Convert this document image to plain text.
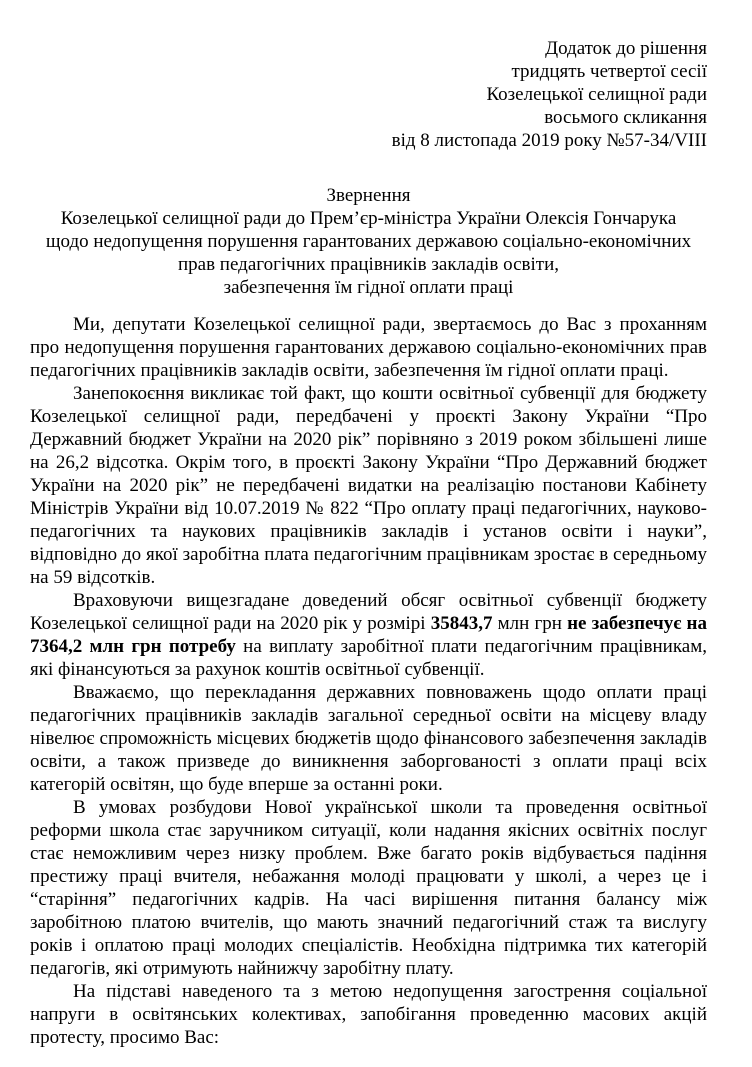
Додаток до рішення
тридцять четвертої сесії
Козелецької селищної ради
восьмого скликання
від 8 листопада 2019 року №57-34/VIII
Звернення
Козелецької селищної ради до Прем’єр-міністра України Олексія Гончарука
щодо недопущення порушення гарантованих державою соціально-економічних
прав педагогічних працівників закладів освіти,
забезпечення їм гідної оплати праці

Ми, депутати Козелецької селищної ради, звертаємось до Вас з проханням про недопущення порушення гарантованих державою соціально-економічних прав педагогічних працівників закладів освіти, забезпечення їм гідної оплати праці.

Занепокоєння викликає той факт, що кошти освітньої субвенції для бюджету Козелецької селищної ради, передбачені у проєкті Закону України “Про Державний бюджет України на 2020 рік” порівняно з 2019 роком збільшені лише на 26,2 відсотка. Окрім того, в проєкті Закону України “Про Державний бюджет України на 2020 рік” не передбачені видатки на реалізацію постанови Кабінету Міністрів України від 10.07.2019 № 822 “Про оплату праці педагогічних, науково-педагогічних та наукових працівників закладів і установ освіти і науки”, відповідно до якої заробітна плата педагогічним працівникам зростає в середньому на 59 відсотків.

Враховуючи вищезгадане доведений обсяг освітньої субвенції бюджету Козелецької селищної ради на 2020 рік у розмірі 35843,7 млн грн не забезпечує на 7364,2 млн грн потребу на виплату заробітної плати педагогічним працівникам, які фінансуються за рахунок коштів освітньої субвенції.

Вважаємо, що перекладання державних повноважень щодо оплати праці педагогічних працівників закладів загальної середньої освіти на місцеву владу нівелює спроможність місцевих бюджетів щодо фінансового забезпечення закладів освіти, а також призведе до виникнення заборгованості з оплати праці всіх категорій освітян, що буде вперше за останні роки.

В умовах розбудови Нової української школи та проведення освітньої реформи школа стає заручником ситуації, коли надання якісних освітніх послуг стає неможливим через низку проблем. Вже багато років відбувається падіння престижу праці вчителя, небажання молоді працювати у школі, а через це і “старіння” педагогічних кадрів. На часі вирішення питання балансу між заробітною платою вчителів, що мають значний педагогічний стаж та вислугу років і оплатою праці молодих спеціалістів. Необхідна підтримка тих категорій педагогів, які отримують найнижчу заробітну плату.

На підставі наведеного та з метою недопущення загострення соціальної напруги в освітянських колективах, запобігання проведенню масових акцій протесту, просимо Вас:
